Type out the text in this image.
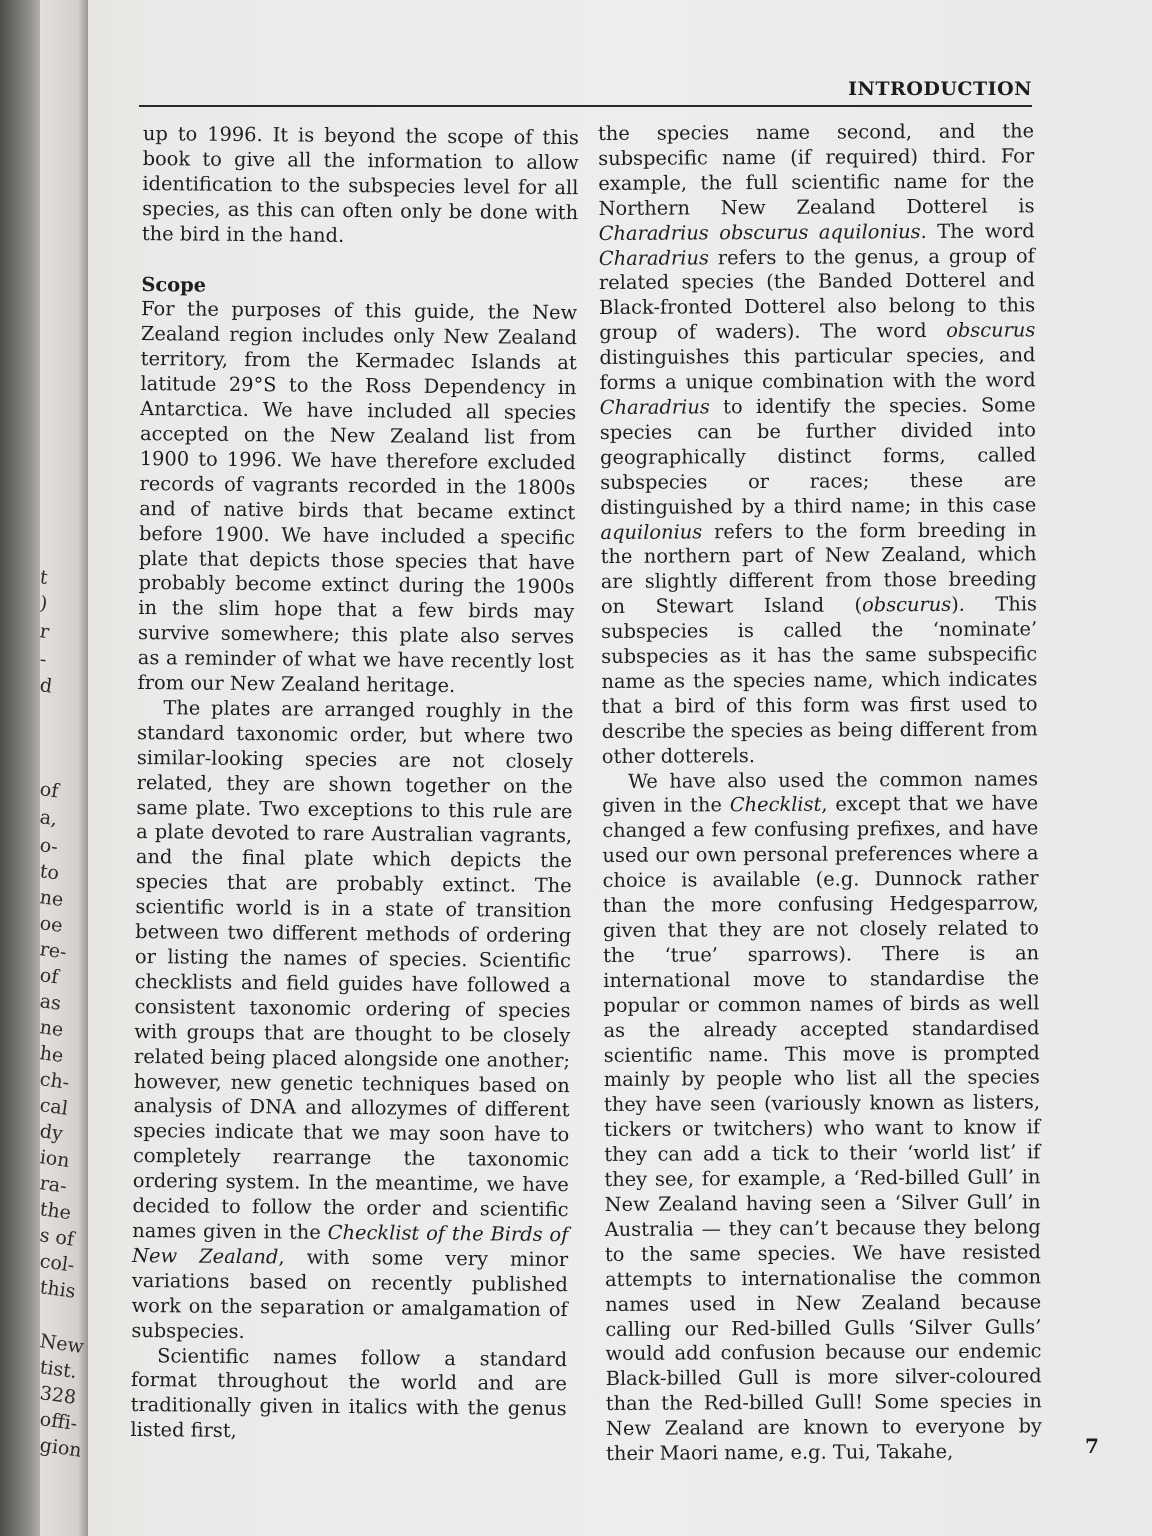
t
)
r
-
d
of
a,
o-
to
ne
oe
re-
of
as
ne
he
ch-
cal
dy
ion
ra-
the
s of
col-
this
New
tist.
328
offi-
gion
INTRODUCTION

up to 1996. It is beyond the scope of this book to give all the information to allow identification to the subspecies level for all species, as this can often only be done with the bird in the hand.

Scope

For the purposes of this guide, the New Zealand region includes only New Zealand territory, from the Kermadec Islands at latitude 29°S to the Ross Dependency in Antarctica. We have included all species accepted on the New Zealand list from 1900 to 1996. We have therefore excluded records of vagrants recorded in the 1800s and of native birds that became extinct before 1900. We have included a specific plate that depicts those species that have probably become extinct during the 1900s in the slim hope that a few birds may survive somewhere; this plate also serves as a reminder of what we have recently lost from our New Zealand heritage.

The plates are arranged roughly in the standard taxonomic order, but where two similar-looking species are not closely related, they are shown together on the same plate. Two exceptions to this rule are a plate devoted to rare Australian vagrants, and the final plate which depicts the species that are probably extinct. The scientific world is in a state of transition between two different methods of ordering or listing the names of species. Scientific checklists and field guides have followed a consistent taxonomic ordering of species with groups that are thought to be closely related being placed alongside one another; however, new genetic techniques based on analysis of DNA and allozymes of different species indicate that we may soon have to completely rearrange the taxonomic ordering system. In the meantime, we have decided to follow the order and scientific names given in the Checklist of the Birds of New Zealand, with some very minor variations based on recently published work on the separation or amalgamation of subspecies.

Scientific names follow a standard format throughout the world and are traditionally given in italics with the genus listed first,

the species name second, and the subspecific name (if required) third. For example, the full scientific name for the Northern New Zealand Dotterel is Charadrius obscurus aquilonius. The word Charadrius refers to the genus, a group of related species (the Banded Dotterel and Black-fronted Dotterel also belong to this group of waders). The word obscurus distinguishes this particular species, and forms a unique combination with the word Charadrius to identify the species. Some species can be further divided into geographically distinct forms, called subspecies or races; these are distinguished by a third name; in this case aquilonius refers to the form breeding in the northern part of New Zealand, which are slightly different from those breeding on Stewart Island (obscurus). This subspecies is called the ‘nominate’ subspecies as it has the same subspecific name as the species name, which indicates that a bird of this form was first used to describe the species as being different from other dotterels.

We have also used the common names given in the Checklist, except that we have changed a few confusing prefixes, and have used our own personal preferences where a choice is available (e.g. Dunnock rather than the more confusing Hedgesparrow, given that they are not closely related to the ‘true’ sparrows). There is an international move to standardise the popular or common names of birds as well as the already accepted standardised scientific name. This move is prompted mainly by people who list all the species they have seen (variously known as listers, tickers or twitchers) who want to know if they can add a tick to their ‘world list’ if they see, for example, a ‘Red-billed Gull’ in New Zealand having seen a ‘Silver Gull’ in Australia — they can’t because they belong to the same species. We have resisted attempts to internationalise the common names used in New Zealand because calling our Red-billed Gulls ‘Silver Gulls’ would add confusion because our endemic Black-billed Gull is more silver-coloured than the Red-billed Gull! Some species in New Zealand are known to everyone by their Maori name, e.g. Tui, Takahe,	7
